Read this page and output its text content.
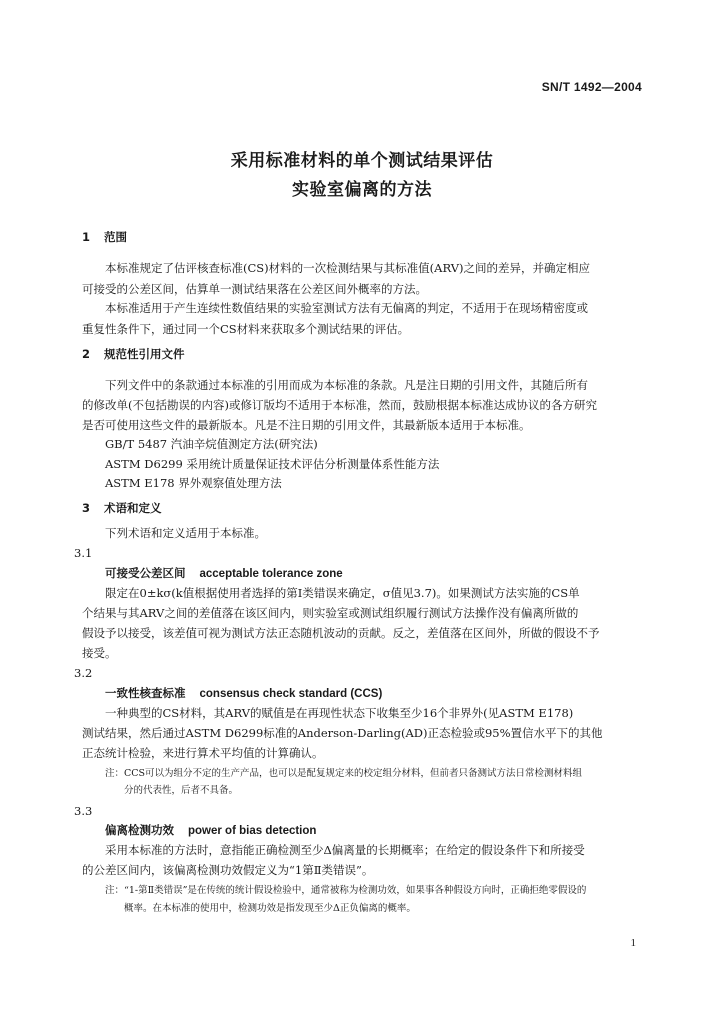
SN/T 1492—2004
采用标准材料的单个测试结果评估
实验室偏离的方法
1 范围
本标准规定了估评核查标准(CS)材料的一次检测结果与其标准值(ARV)之间的差异，并确定相应
可接受的公差区间，估算单一测试结果落在公差区间外概率的方法。
本标准适用于产生连续性数值结果的实验室测试方法有无偏离的判定，不适用于在现场精密度或
重复性条件下，通过同一个CS材料来获取多个测试结果的评估。
2 规范性引用文件
下列文件中的条款通过本标准的引用而成为本标准的条款。凡是注日期的引用文件，其随后所有
的修改单(不包括勘误的内容)或修订版均不适用于本标准，然而，鼓励根据本标准达成协议的各方研究
是否可使用这些文件的最新版本。凡是不注日期的引用文件，其最新版本适用于本标准。
GB/T 5487 汽油辛烷值测定方法(研究法)
ASTM D6299 采用统计质量保证技术评估分析测量体系性能方法
ASTM E178 界外观察值处理方法
3 术语和定义
下列术语和定义适用于本标准。
3.1
可接受公差区间 acceptable tolerance zone
限定在0±kσ(k值根据使用者选择的第Ⅰ类错误来确定，σ值见3.7)。如果测试方法实施的CS单
个结果与其ARV之间的差值落在该区间内，则实验室或测试组织履行测试方法操作没有偏离所做的
假设予以接受，该差值可视为测试方法正态随机波动的贡献。反之，差值落在区间外，所做的假设不予
接受。
3.2
一致性核查标准 consensus check standard (CCS)
一种典型的CS材料，其ARV的赋值是在再现性状态下收集至少16个非界外(见ASTM E178)
测试结果，然后通过ASTM D6299标准的Anderson-Darling(AD)正态检验或95%置信水平下的其他
正态统计检验，来进行算术平均值的计算确认。
注：CCS可以为组分不定的生产产品，也可以是配复规定来的校定组分材料，但前者只备测试方法日常检测材料组
分的代表性，后者不具备。
3.3
偏离检测功效 power of bias detection
采用本标准的方法时，意指能正确检测至少Δ偏离量的长期概率；在给定的假设条件下和所接受
的公差区间内，该偏离检测功效假定义为“1第Ⅱ类错误”。
注：“1-第Ⅱ类错误”是在传统的统计假设检验中，通常被称为检测功效，如果事各种假设方向时，正确拒绝零假设的
概率。在本标准的使用中，检测功效是指发现至少Δ正负偏离的概率。
1
